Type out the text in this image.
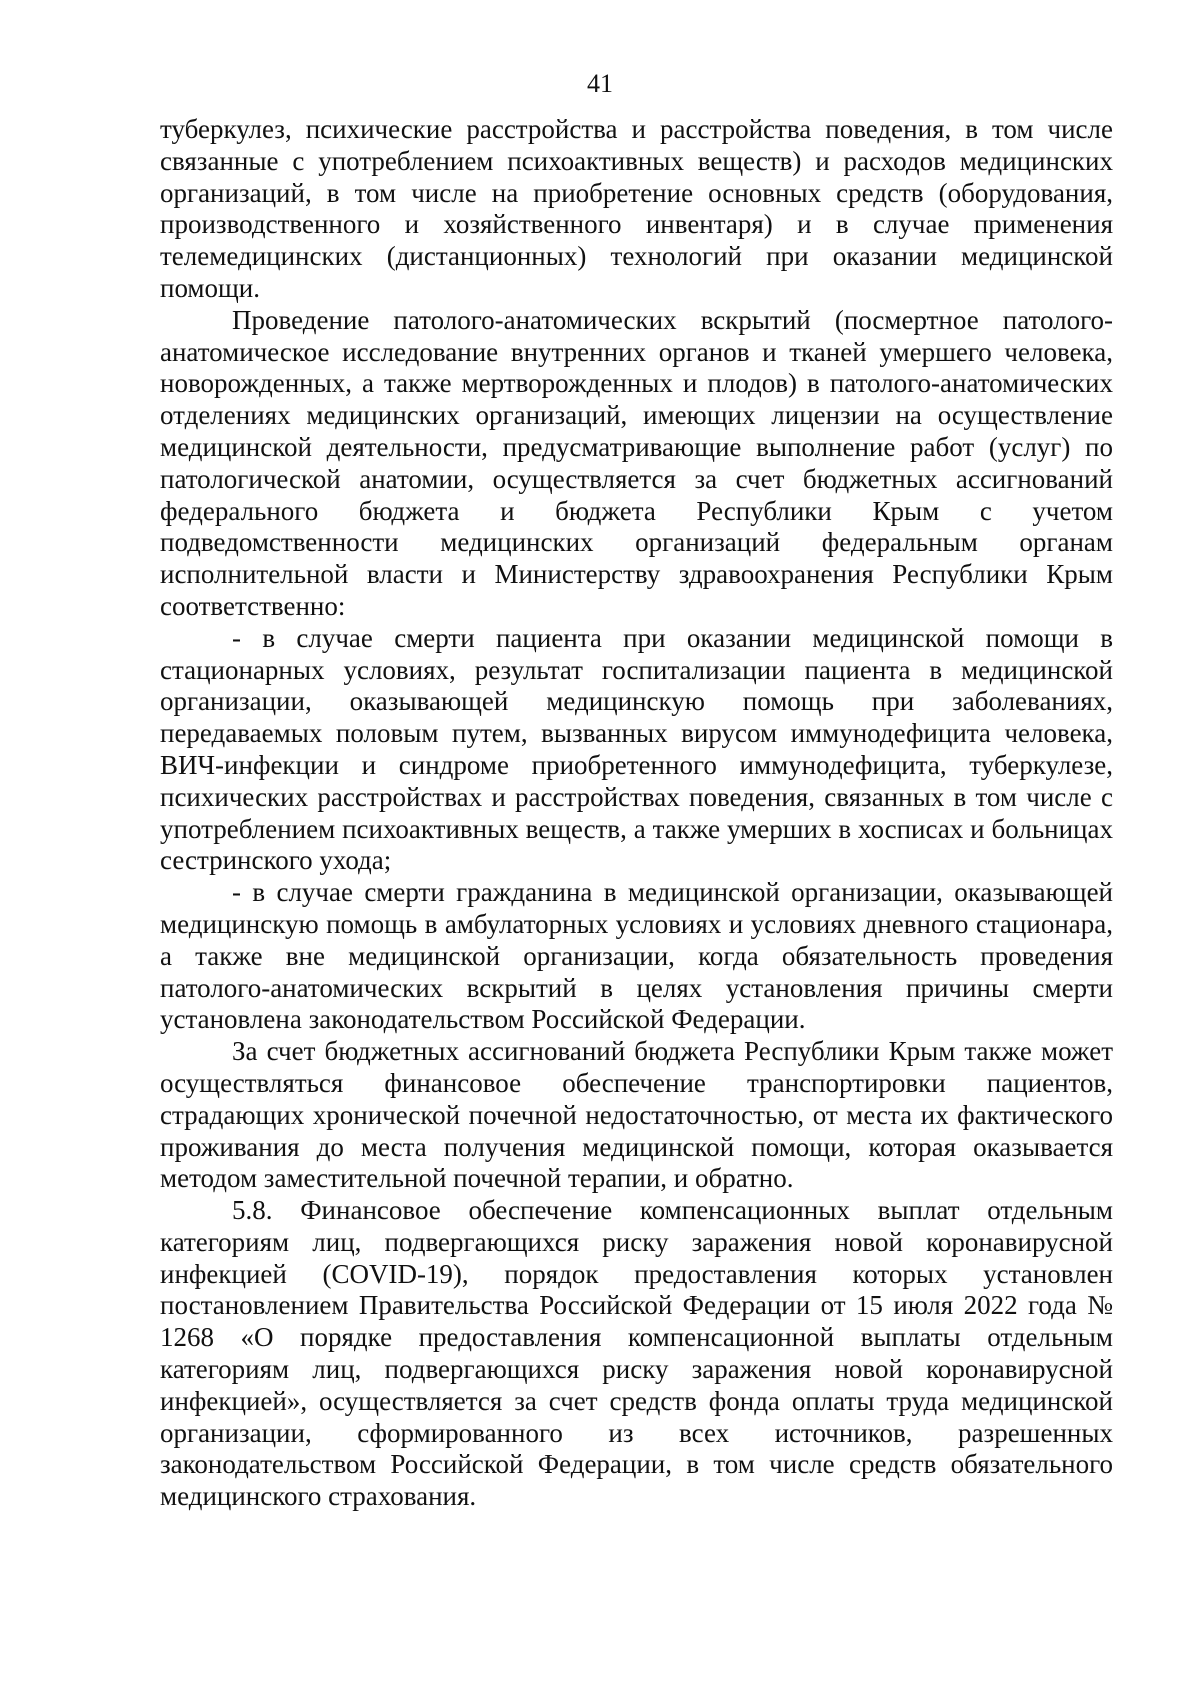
41

туберкулез, психические расстройства и расстройства поведения, в том числе связанные с употреблением психоактивных веществ) и расходов медицинских организаций, в том числе на приобретение основных средств (оборудования, производственного и хозяйственного инвентаря) и в случае применения телемедицинских (дистанционных) технологий при оказании медицинской помощи.

Проведение патолого-анатомических вскрытий (посмертное патолого-анатомическое исследование внутренних органов и тканей умершего человека, новорожденных, а также мертворожденных и плодов) в патолого-анатомических отделениях медицинских организаций, имеющих лицензии на осуществление медицинской деятельности, предусматривающие выполнение работ (услуг) по патологической анатомии, осуществляется за счет бюджетных ассигнований федерального бюджета и бюджета Республики Крым с учетом подведомственности медицинских организаций федеральным органам исполнительной власти и Министерству здравоохранения Республики Крым соответственно:

- в случае смерти пациента при оказании медицинской помощи в стационарных условиях, результат госпитализации пациента в медицинской организации, оказывающей медицинскую помощь при заболеваниях, передаваемых половым путем, вызванных вирусом иммунодефицита человека, ВИЧ-инфекции и синдроме приобретенного иммунодефицита, туберкулезе, психических расстройствах и расстройствах поведения, связанных в том числе с употреблением психоактивных веществ, а также умерших в хосписах и больницах сестринского ухода;

- в случае смерти гражданина в медицинской организации, оказывающей медицинскую помощь в амбулаторных условиях и условиях дневного стационара, а также вне медицинской организации, когда обязательность проведения патолого-анатомических вскрытий в целях установления причины смерти установлена законодательством Российской Федерации.

За счет бюджетных ассигнований бюджета Республики Крым также может осуществляться финансовое обеспечение транспортировки пациентов, страдающих хронической почечной недостаточностью, от места их фактического проживания до места получения медицинской помощи, которая оказывается методом заместительной почечной терапии, и обратно.

5.8. Финансовое обеспечение компенсационных выплат отдельным категориям лиц, подвергающихся риску заражения новой коронавирусной инфекцией (COVID-19), порядок предоставления которых установлен постановлением Правительства Российской Федерации от 15 июля 2022 года № 1268 «О порядке предоставления компенсационной выплаты отдельным категориям лиц, подвергающихся риску заражения новой коронавирусной инфекцией», осуществляется за счет средств фонда оплаты труда медицинской организации, сформированного из всех источников, разрешенных законодательством Российской Федерации, в том числе средств обязательного медицинского страхования.
